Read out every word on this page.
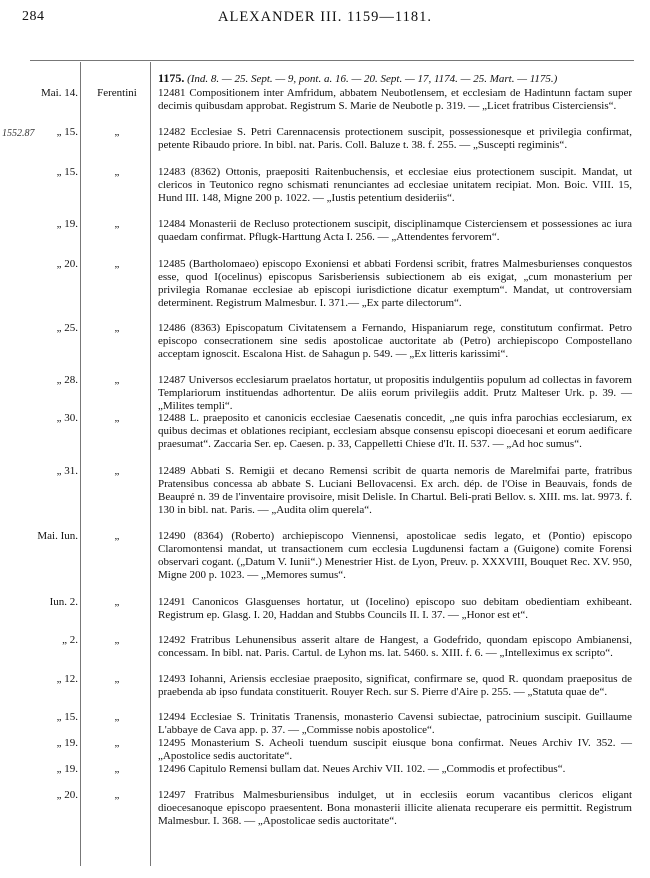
284	ALEXANDER III. 1159—1181.
1175. (Ind. 8. — 25. Sept. — 9, pont. a. 16. — 20. Sept. — 17, 1174. — 25. Mart. — 1175.)
1552.87
Mai. 14.	Ferentini	12481 Compositionem inter Amfridum, abbatem Neubotlensem, et ecclesiam de Hadintunn factam super decimis quibusdam approbat. Registrum S. Marie de Neubotle p. 319. — „Licet fratribus Cisterciensis“.
„ 15.	„	12482 Ecclesiae S. Petri Carennacensis protectionem suscipit, possessionesque et privilegia confirmat, petente Ribaudo priore. In bibl. nat. Paris. Coll. Baluze t. 38. f. 255. — „Suscepti regiminis“.
„ 15.	„	12483 (8362) Ottonis, praepositi Raitenbuchensis, et ecclesiae eius protectionem suscipit. Mandat, ut clericos in Teutonico regno schismati renunciantes ad ecclesiae unitatem recipiat. Mon. Boic. VIII. 15, Hund III. 148, Migne 200 p. 1022. — „Iustis petentium desideriis“.
„ 19.	„	12484 Monasterii de Recluso protectionem suscipit, disciplinamque Cisterciensem et possessiones ac iura quaedam confirmat. Pflugk-Harttung Acta I. 256. — „Attendentes fervorem“.
„ 20.	„	12485 (Bartholomaeo) episcopo Exoniensi et abbati Fordensi scribit, fratres Malmesburienses conquestos esse, quod I(ocelinus) episcopus Sarisberiensis subiectionem ab eis exigat, „cum monasterium per privilegia Romanae ecclesiae ab episcopi iurisdictione dicatur exemptum“. Mandat, ut controversiam determinent. Registrum Malmesbur. I. 371.— „Ex parte dilectorum“.
„ 25.	„	12486 (8363) Episcopatum Civitatensem a Fernando, Hispaniarum rege, constitutum confirmat. Petro episcopo consecrationem sine sedis apostolicae auctoritate ab (Petro) archiepiscopo Compostellano acceptam ignoscit. Escalona Hist. de Sahagun p. 549. — „Ex litteris karissimi“.
„ 28.	„	12487 Universos ecclesiarum praelatos hortatur, ut propositis indulgentiis populum ad collectas in favorem Templariorum instituendas adhortentur. De aliis eorum privilegiis addit. Prutz Malteser Urk. p. 39. — „Milites templi“.
„ 30.	„	12488 L. praeposito et canonicis ecclesiae Caesenatis concedit, „ne quis infra parochias ecclesiarum, ex quibus decimas et oblationes recipiant, ecclesiam absque consensu episcopi dioecesani et eorum aedificare praesumat“. Zaccaria Ser. ep. Caesen. p. 33, Cappelletti Chiese d'It. II. 537. — „Ad hoc sumus“.
„ 31.	„	12489 Abbati S. Remigii et decano Remensi scribit de quarta nemoris de Marelmifai parte, fratribus Pratensibus concessa ab abbate S. Luciani Bellovacensi. Ex arch. dép. de l'Oise in Beauvais, fonds de Beaupré n. 39 de l'inventaire provisoire, misit Delisle. In Chartul. Beli-prati Bellov. s. XIII. ms. lat. 9973. f. 130 in bibl. nat. Paris. — „Audita olim querela“.
Mai. Iun.	„	12490 (8364) (Roberto) archiepiscopo Viennensi, apostolicae sedis legato, et (Pontio) episcopo Claromontensi mandat, ut transactionem cum ecclesia Lugdunensi factam a (Guigone) comite Forensi observari cogant. („Datum V. Iunii“.) Menestrier Hist. de Lyon, Preuv. p. XXXVIII, Bouquet Rec. XV. 950, Migne 200 p. 1023. — „Memores sumus“.
Iun. 2.	„	12491 Canonicos Glasguenses hortatur, ut (Iocelino) episcopo suo debitam obedientiam exhibeant. Registrum ep. Glasg. I. 20, Haddan and Stubbs Councils II. I. 37. — „Honor est et“.
„ 2.	„	12492 Fratribus Lehunensibus asserit altare de Hangest, a Godefrido, quondam episcopo Ambianensi, concessam. In bibl. nat. Paris. Cartul. de Lyhon ms. lat. 5460. s. XIII. f. 6. — „Intelleximus ex scripto“.
„ 12.	„	12493 Iohanni, Ariensis ecclesiae praeposito, significat, confirmare se, quod R. quondam praepositus de praebenda ab ipso fundata constituerit. Rouyer Rech. sur S. Pierre d'Aire p. 255. — „Statuta quae de“.
„ 15.	„	12494 Ecclesiae S. Trinitatis Tranensis, monasterio Cavensi subiectae, patrocinium suscipit. Guillaume L'abbaye de Cava app. p. 37. — „Commisse nobis apostolice“.
„ 19.	„	12495 Monasterium S. Acheoli tuendum suscipit eiusque bona confirmat. Neues Archiv IV. 352. — „Apostolice sedis auctoritate“.
„ 19.	„	12496 Capitulo Remensi bullam dat. Neues Archiv VII. 102. — „Commodis et profectibus“.
„ 20.	„	12497 Fratribus Malmesburiensibus indulget, ut in ecclesiis eorum vacantibus clericos eligant dioecesanoque episcopo praesentent. Bona monasterii illicite alienata recuperare eis permittit. Registrum Malmesbur. I. 368. — „Apostolicae sedis auctoritate“.
